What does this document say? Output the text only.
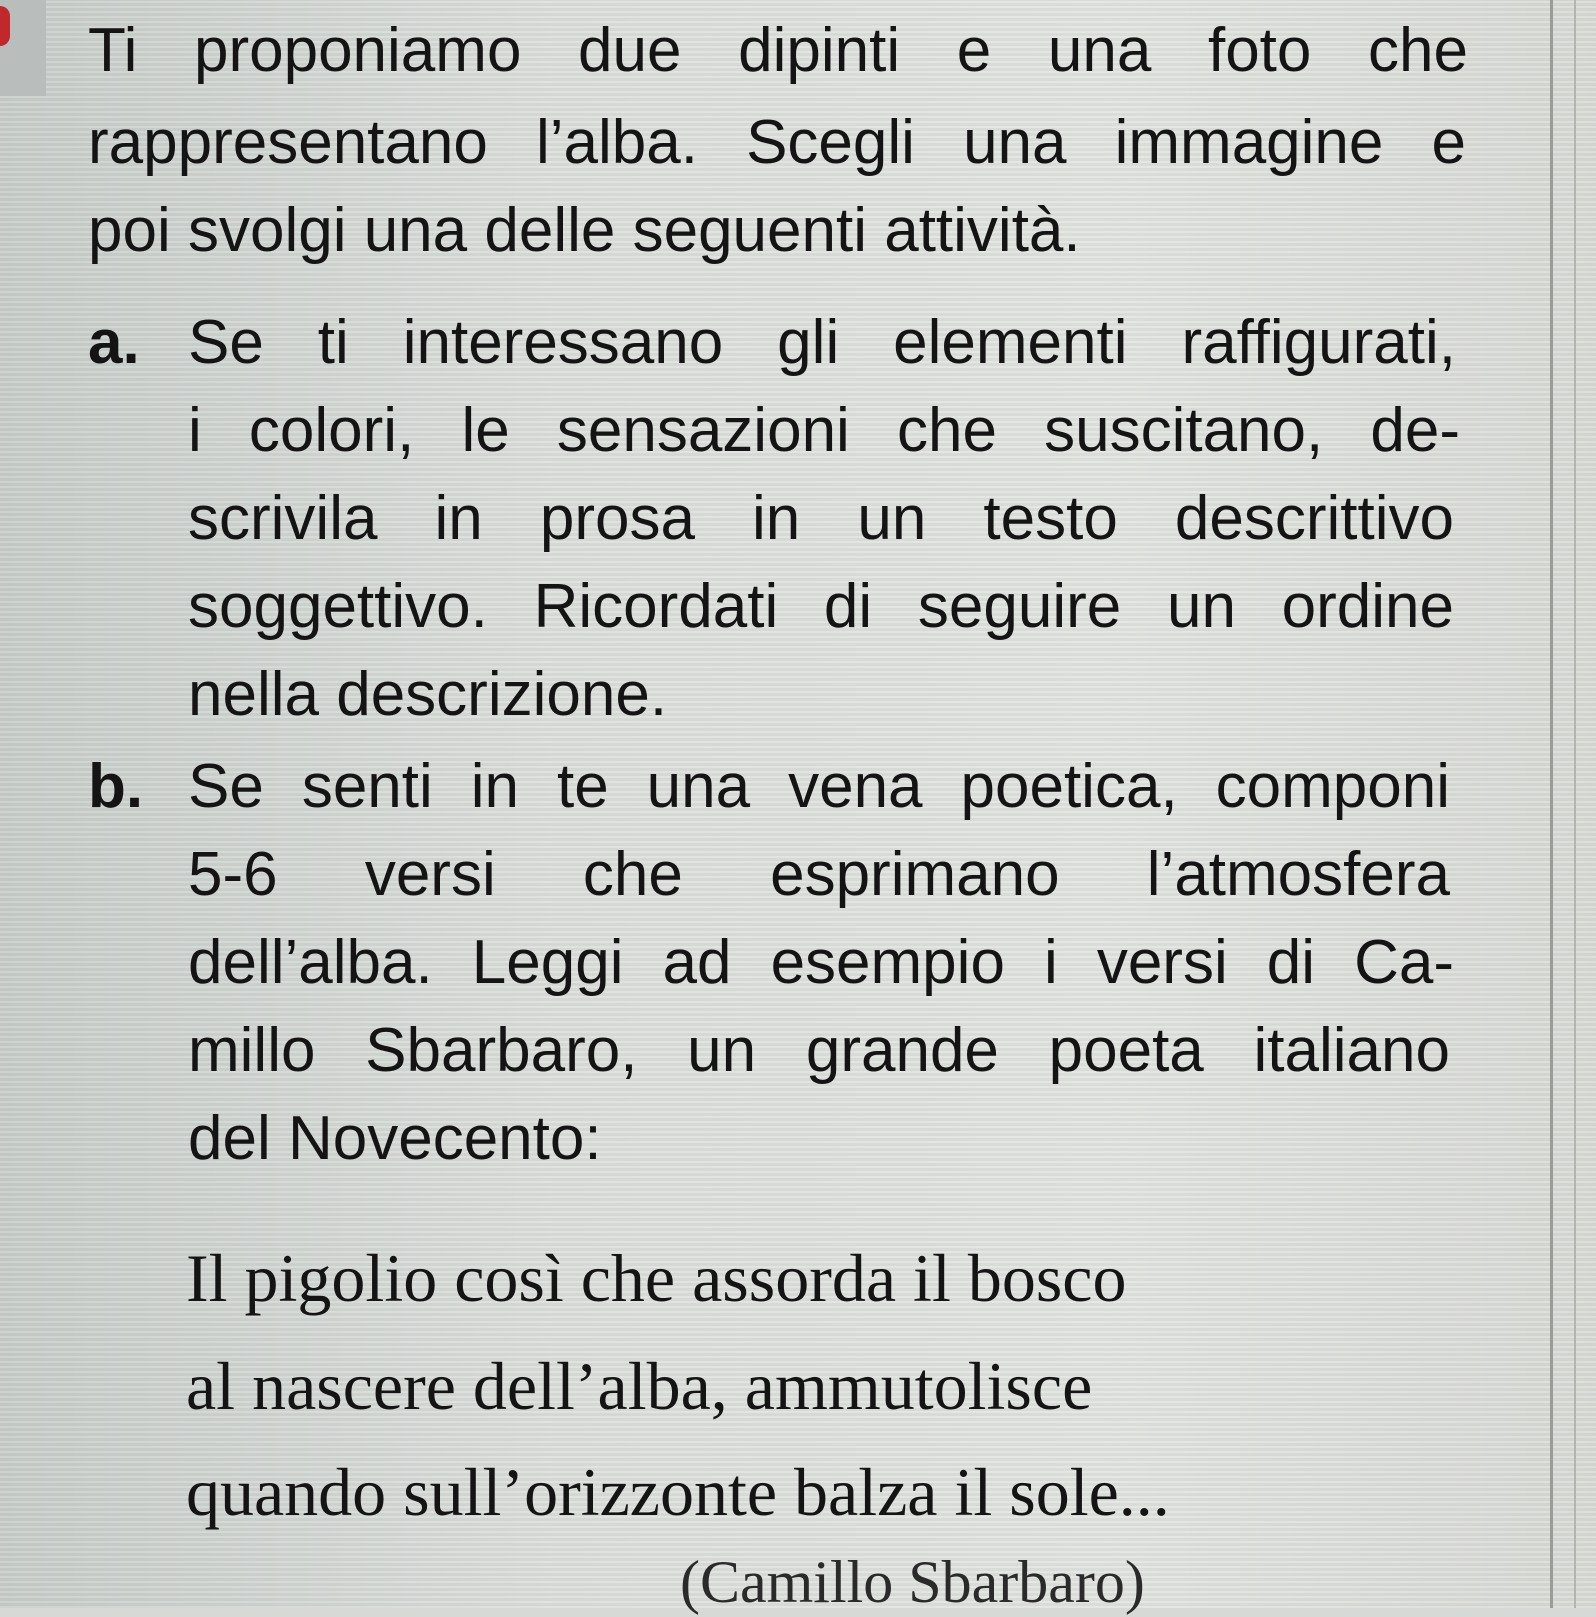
Ti proponiamo due dipinti e una foto che
rappresentano l’alba. Scegli una immagine e
poi svolgi una delle seguenti attività.
a. Se ti interessano gli elementi raffigurati,
i colori, le sensazioni che suscitano, de-
scrivila in prosa in un testo descrittivo
soggettivo. Ricordati di seguire un ordine
nella descrizione.
b. Se senti in te una vena poetica, componi
5-6 versi che esprimano l’atmosfera
dell’alba. Leggi ad esempio i versi di Ca-
millo Sbarbaro, un grande poeta italiano
del Novecento:
Il pigolio così che assorda il bosco
al nascere dell’alba, ammutolisce
quando sull’orizzonte balza il sole...
(Camillo Sbarbaro)
